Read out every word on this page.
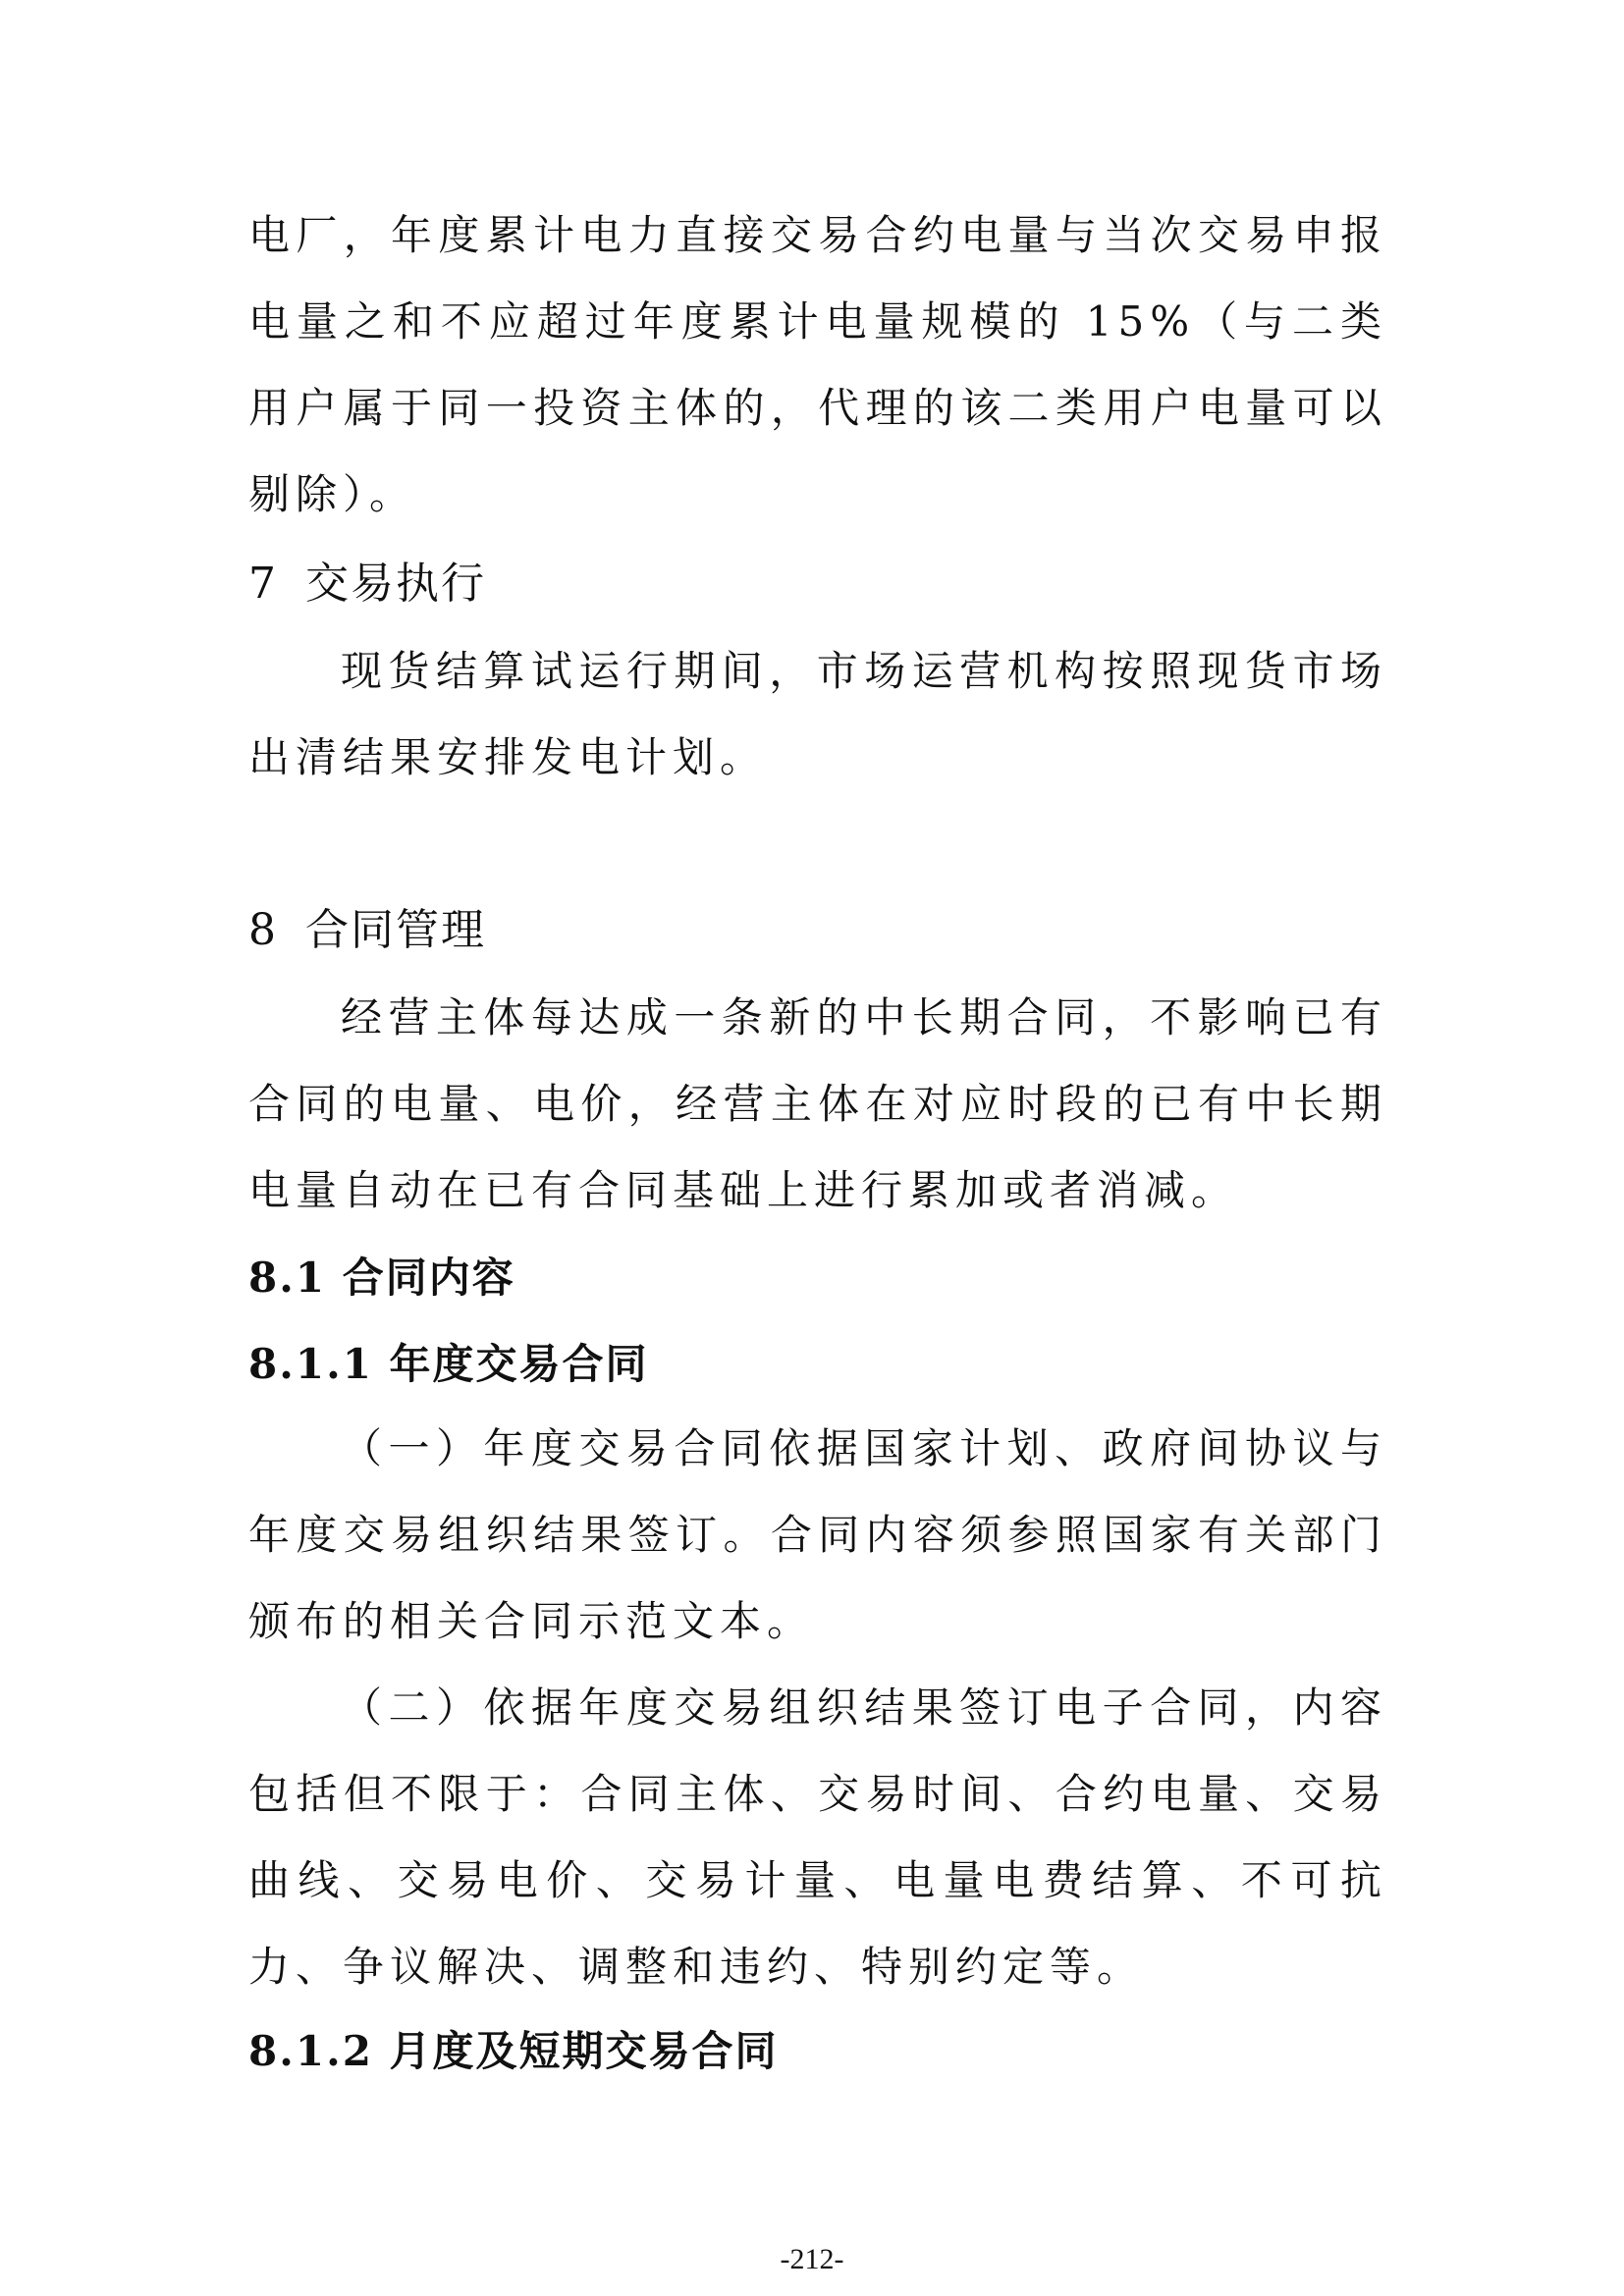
电厂，年度累计电力直接交易合约电量与当次交易申报电量之和不应超过年度累计电量规模的 15%（与二类用户属于同一投资主体的，代理的该二类用户电量可以剔除）。

7 交易执行

现货结算试运行期间，市场运营机构按照现货市场出清结果安排发电计划。

8 合同管理

经营主体每达成一条新的中长期合同，不影响已有合同的电量、电价，经营主体在对应时段的已有中长期电量自动在已有合同基础上进行累加或者消减。

8.1 合同内容
8.1.1 年度交易合同

（一）年度交易合同依据国家计划、政府间协议与年度交易组织结果签订。合同内容须参照国家有关部门颁布的相关合同示范文本。

（二）依据年度交易组织结果签订电子合同，内容包括但不限于：合同主体、交易时间、合约电量、交易曲线、交易电价、交易计量、电量电费结算、不可抗力、争议解决、调整和违约、特别约定等。

8.1.2 月度及短期交易合同
-212-
